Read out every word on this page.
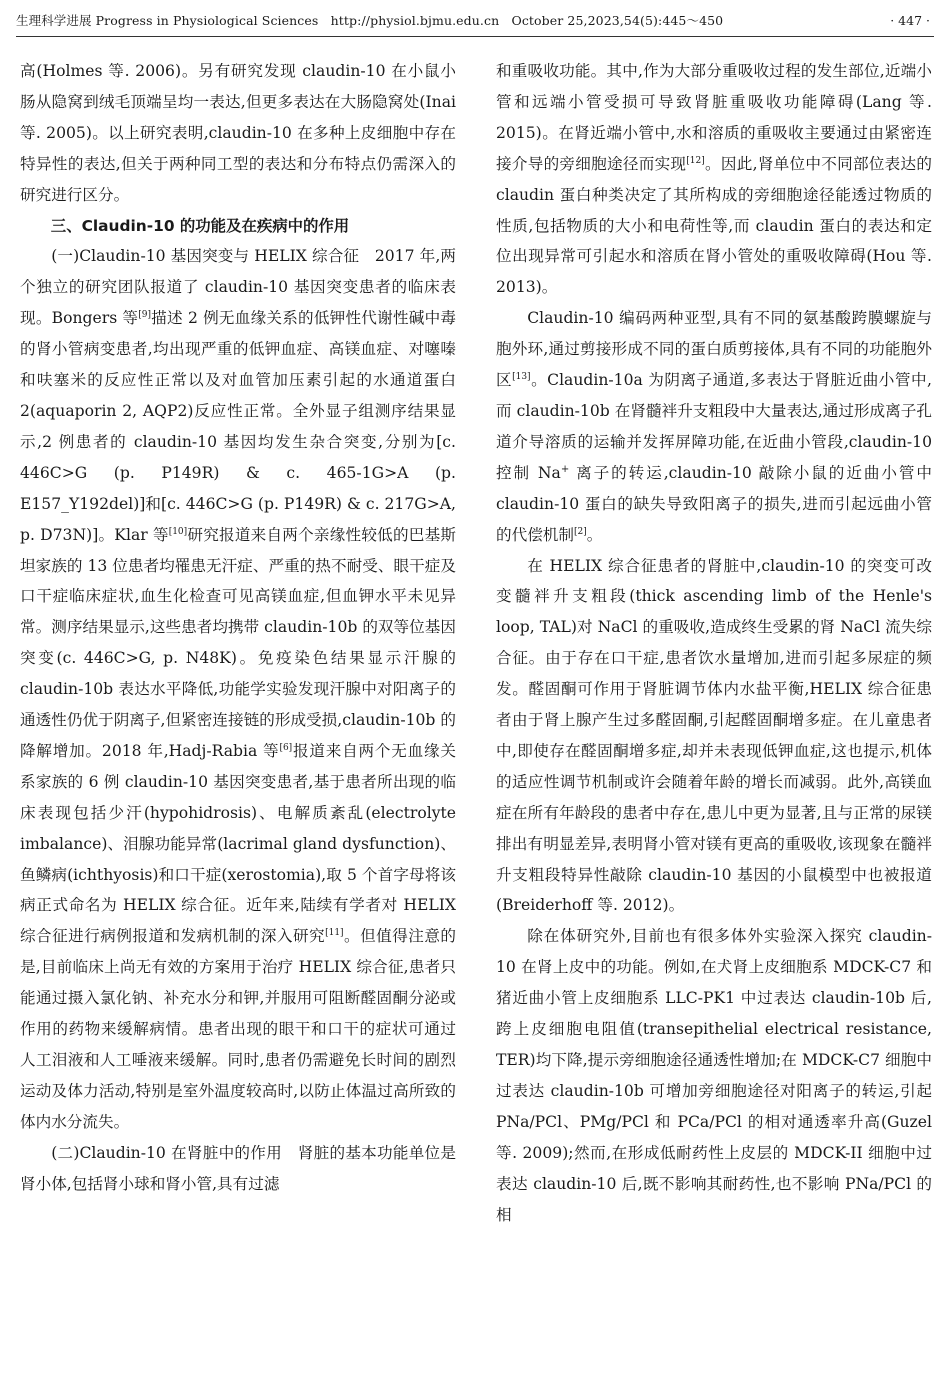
生理科学进展 Progress in Physiological Sciences http://physiol.bjmu.edu.cn October 25,2023,54(5):445～450	· 447 ·

高(Holmes 等. 2006)。另有研究发现 claudin-10 在小鼠小肠从隐窝到绒毛顶端呈均一表达,但更多表达在大肠隐窝处(Inai 等. 2005)。以上研究表明,claudin-10 在多种上皮细胞中存在特异性的表达,但关于两种同工型的表达和分布特点仍需深入的研究进行区分。

三、Claudin-10 的功能及在疾病中的作用

(一)Claudin-10 基因突变与 HELIX 综合征　2017 年,两个独立的研究团队报道了 claudin-10 基因突变患者的临床表现。Bongers 等[9]描述 2 例无血缘关系的低钾性代谢性碱中毒的肾小管病变患者,均出现严重的低钾血症、高镁血症、对噻嗪和呋塞米的反应性正常以及对血管加压素引起的水通道蛋白 2(aquaporin 2, AQP2)反应性正常。全外显子组测序结果显示,2 例患者的 claudin-10 基因均发生杂合突变,分别为[c. 446C>G (p. P149R) & c. 465-1G>A (p. E157_Y192del)]和[c. 446C>G (p. P149R) & c. 217G>A, p. D73N)]。Klar 等[10]研究报道来自两个亲缘性较低的巴基斯坦家族的 13 位患者均罹患无汗症、严重的热不耐受、眼干症及口干症临床症状,血生化检查可见高镁血症,但血钾水平未见异常。测序结果显示,这些患者均携带 claudin-10b 的双等位基因突变(c. 446C>G, p. N48K)。免疫染色结果显示汗腺的 claudin-10b 表达水平降低,功能学实验发现汗腺中对阳离子的通透性仍优于阴离子,但紧密连接链的形成受损,claudin-10b 的降解增加。2018 年,Hadj-Rabia 等[6]报道来自两个无血缘关系家族的 6 例 claudin-10 基因突变患者,基于患者所出现的临床表现包括少汗(hypohidrosis)、电解质紊乱(electrolyte imbalance)、泪腺功能异常(lacrimal gland dysfunction)、鱼鳞病(ichthyosis)和口干症(xerostomia),取 5 个首字母将该病正式命名为 HELIX 综合征。近年来,陆续有学者对 HELIX 综合征进行病例报道和发病机制的深入研究[11]。但值得注意的是,目前临床上尚无有效的方案用于治疗 HELIX 综合征,患者只能通过摄入氯化钠、补充水分和钾,并服用可阻断醛固酮分泌或作用的药物来缓解病情。患者出现的眼干和口干的症状可通过人工泪液和人工唾液来缓解。同时,患者仍需避免长时间的剧烈运动及体力活动,特别是室外温度较高时,以防止体温过高所致的体内水分流失。

(二)Claudin-10 在肾脏中的作用　肾脏的基本功能单位是肾小体,包括肾小球和肾小管,具有过滤

和重吸收功能。其中,作为大部分重吸收过程的发生部位,近端小管和远端小管受损可导致肾脏重吸收功能障碍(Lang 等. 2015)。在肾近端小管中,水和溶质的重吸收主要通过由紧密连接介导的旁细胞途径而实现[12]。因此,肾单位中不同部位表达的 claudin 蛋白种类决定了其所构成的旁细胞途径能透过物质的性质,包括物质的大小和电荷性等,而 claudin 蛋白的表达和定位出现异常可引起水和溶质在肾小管处的重吸收障碍(Hou 等. 2013)。

Claudin-10 编码两种亚型,具有不同的氨基酸跨膜螺旋与胞外环,通过剪接形成不同的蛋白质剪接体,具有不同的功能胞外区[13]。Claudin-10a 为阴离子通道,多表达于肾脏近曲小管中,而 claudin-10b 在肾髓袢升支粗段中大量表达,通过形成离子孔道介导溶质的运输并发挥屏障功能,在近曲小管段,claudin-10 控制 Na+ 离子的转运,claudin-10 敲除小鼠的近曲小管中 claudin-10 蛋白的缺失导致阳离子的损失,进而引起远曲小管的代偿机制[2]。

在 HELIX 综合征患者的肾脏中,claudin-10 的突变可改变髓袢升支粗段(thick ascending limb of the Henle's loop, TAL)对 NaCl 的重吸收,造成终生受累的肾 NaCl 流失综合征。由于存在口干症,患者饮水量增加,进而引起多尿症的频发。醛固酮可作用于肾脏调节体内水盐平衡,HELIX 综合征患者由于肾上腺产生过多醛固酮,引起醛固酮增多症。在儿童患者中,即使存在醛固酮增多症,却并未表现低钾血症,这也提示,机体的适应性调节机制或许会随着年龄的增长而减弱。此外,高镁血症在所有年龄段的患者中存在,患儿中更为显著,且与正常的尿镁排出有明显差异,表明肾小管对镁有更高的重吸收,该现象在髓袢升支粗段特异性敲除 claudin-10 基因的小鼠模型中也被报道(Breiderhoff 等. 2012)。

除在体研究外,目前也有很多体外实验深入探究 claudin-10 在肾上皮中的功能。例如,在犬肾上皮细胞系 MDCK-C7 和猪近曲小管上皮细胞系 LLC-PK1 中过表达 claudin-10b 后,跨上皮细胞电阻值(transepithelial electrical resistance, TER)均下降,提示旁细胞途径通透性增加;在 MDCK-C7 细胞中过表达 claudin-10b 可增加旁细胞途径对阳离子的转运,引起 PNa/PCl、PMg/PCl 和 PCa/PCl 的相对通透率升高(Guzel 等. 2009);然而,在形成低耐药性上皮层的 MDCK-II 细胞中过表达 claudin-10 后,既不影响其耐药性,也不影响 PNa/PCl 的相
